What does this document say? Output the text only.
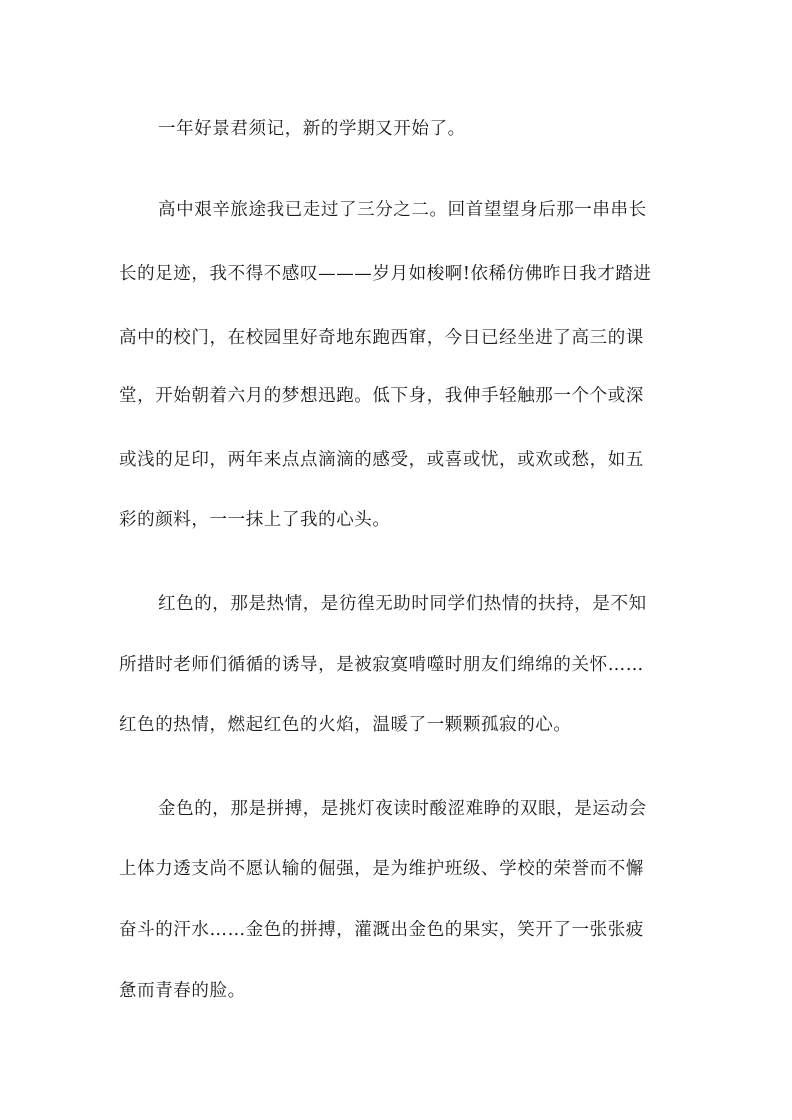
一年好景君须记，新的学期又开始了。
高中艰辛旅途我已走过了三分之二。回首望望身后那一串串长
长的足迹，我不得不感叹———岁月如梭啊!依稀仿佛昨日我才踏进
高中的校门，在校园里好奇地东跑西窜，今日已经坐进了高三的课
堂，开始朝着六月的梦想迅跑。低下身，我伸手轻触那一个个或深
或浅的足印，两年来点点滴滴的感受，或喜或忧，或欢或愁，如五
彩的颜料，一一抹上了我的心头。
红色的，那是热情，是彷徨无助时同学们热情的扶持，是不知
所措时老师们循循的诱导，是被寂寞啃噬时朋友们绵绵的关怀……
红色的热情，燃起红色的火焰，温暖了一颗颗孤寂的心。
金色的，那是拼搏，是挑灯夜读时酸涩难睁的双眼，是运动会
上体力透支尚不愿认输的倔强，是为维护班级、学校的荣誉而不懈
奋斗的汗水……金色的拼搏，灌溉出金色的果实，笑开了一张张疲
惫而青春的脸。
